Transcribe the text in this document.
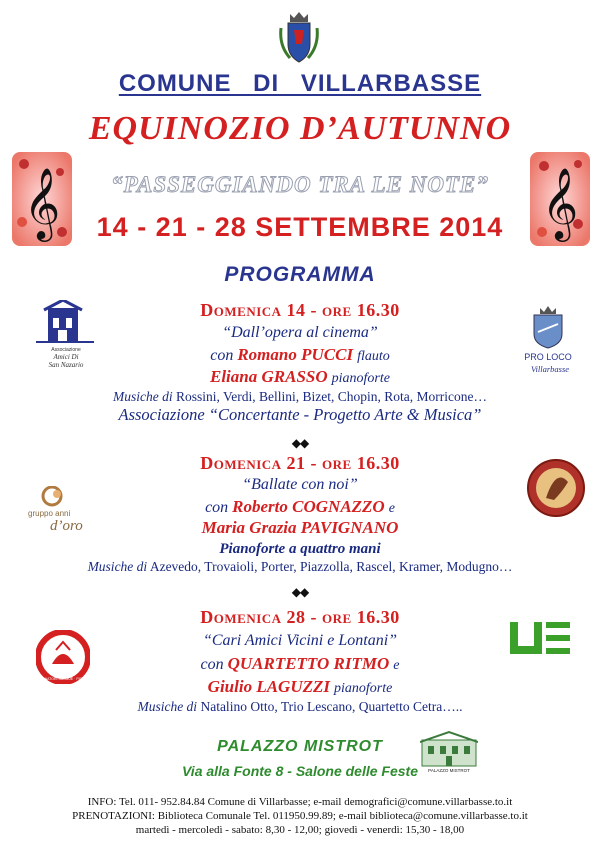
COMUNE DI VILLARBASSE
EQUINOZIO D’AUTUNNO
“PASSEGGIANDO TRA LE NOTE”
14 - 21 - 28 SETTEMBRE 2014
PROGRAMMA
𝄞	𝄞
Domenica 14 - ore 16.30
“Dall’opera al cinema”
con Romano PUCCI flauto
Eliana GRASSO pianoforte
Musiche di Rossini, Verdi, Bellini, Bizet, Chopin, Rota, Morricone…
Associazione “Concertante - Progetto Arte & Musica”
◆◆
Domenica 21 - ore 16.30
“Ballate con noi”
con Roberto COGNAZZO e
Maria Grazia PAVIGNANO
Pianoforte a quattro mani
Musiche di Azevedo, Trovaioli, Porter, Piazzolla, Rascel, Kramer, Modugno…
◆◆
Domenica 28 - ore 16.30
“Cari Amici Vicini e Lontani”
con QUARTETTO RITMO e
Giulio LAGUZZI pianoforte
Musiche di Natalino Otto, Trio Lescano, Quartetto Cetra…..
Associazione
Amici Di
San Nazario
PRO LOCO
Villarbasse
gruppo anni
d’oro
DONATORI SANGUE · FIDAS
PALAZZO MISTROT
PALAZZO MISTROT
Via alla Fonte 8 - Salone delle Feste
INFO: Tel. 011- 952.84.84 Comune di Villarbasse; e-mail demografici@comune.villarbasse.to.it
PRENOTAZIONI: Biblioteca Comunale Tel. 011950.99.89; e-mail biblioteca@comune.villarbasse.to.it
martedì - mercoledì - sabato: 8,30 - 12,00; giovedì - venerdì: 15,30 - 18,00
